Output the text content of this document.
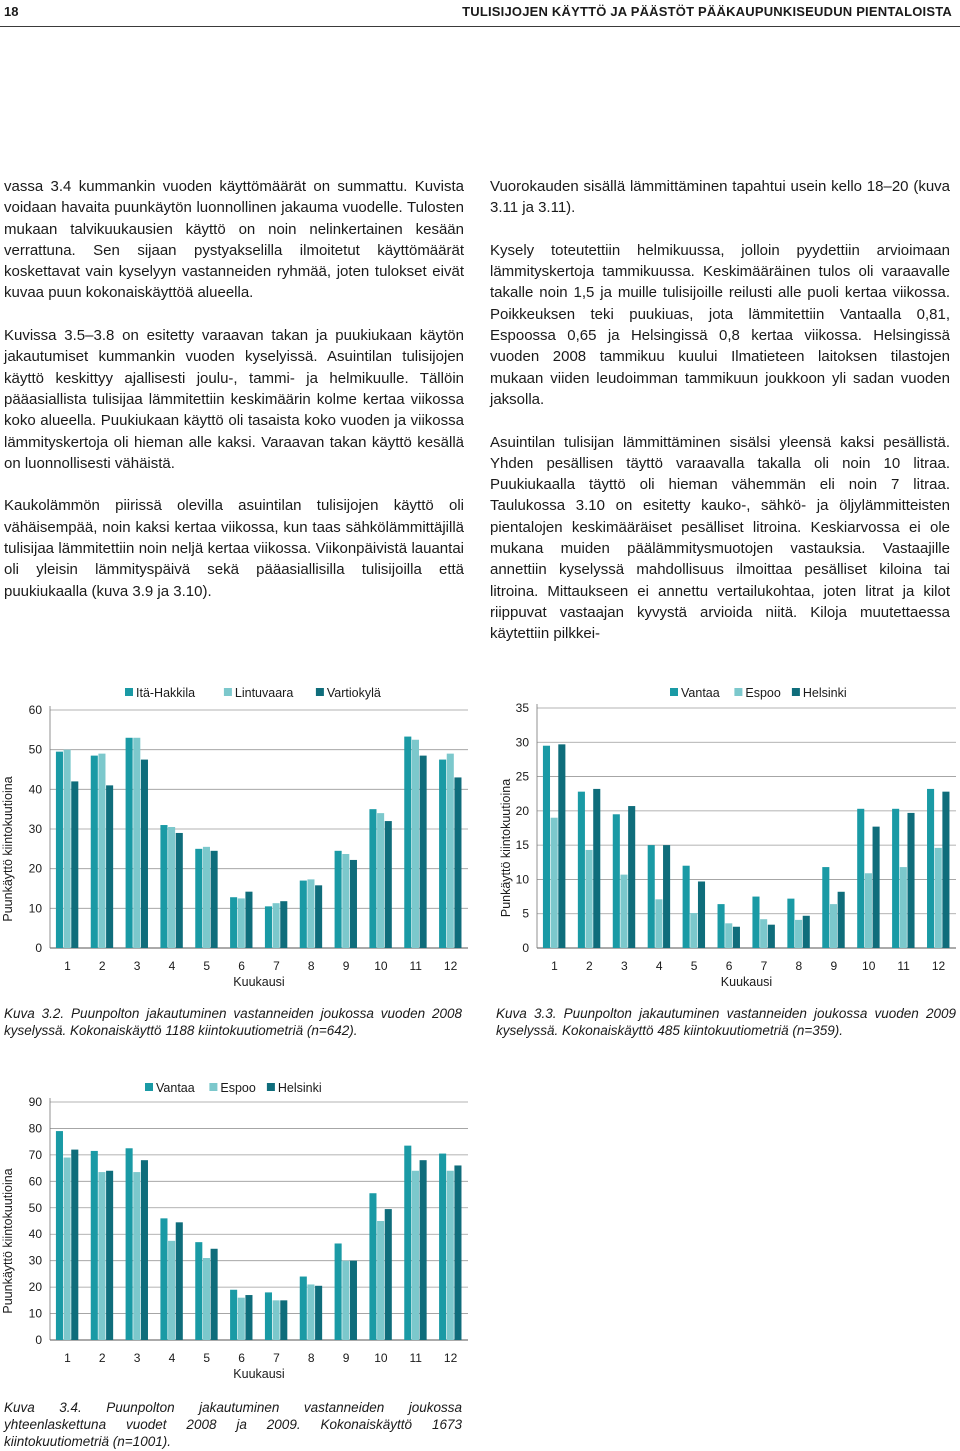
18	TULISIJOJEN KÄYTTÖ JA PÄÄSTÖT PÄÄKAUPUNKISEUDUN PIENTALOISTA

vassa 3.4 kummankin vuoden käyttömäärät on summattu. Kuvista voidaan havaita puunkäytön luonnollinen jakauma vuodelle. Tulosten mukaan talvikuukausien käyttö on noin nelinkertainen kesään verrattuna. Sen sijaan pystyakselilla ilmoitetut käyttömäärät koskettavat vain kyselyyn vastanneiden ryhmää, joten tulokset eivät kuvaa puun kokonaiskäyttöä alueella.

Kuvissa 3.5–3.8 on esitetty varaavan takan ja puukiukaan käytön jakautumiset kummankin vuoden kyselyissä. Asuintilan tulisijojen käyttö keskittyy ajallisesti joulu-, tammi- ja helmikuulle. Tällöin pääasiallista tulisijaa lämmitettiin keskimäärin kolme kertaa viikossa koko alueella. Puukiukaan käyttö oli tasaista koko vuoden ja viikossa lämmityskertoja oli hieman alle kaksi. Varaavan takan käyttö kesällä on luonnollisesti vähäistä.

Kaukolämmön piirissä olevilla asuintilan tulisijojen käyttö oli vähäisempää, noin kaksi kertaa viikossa, kun taas sähkölämmittäjillä tulisijaa lämmitettiin noin neljä kertaa viikossa. Viikonpäivistä lauantai oli yleisin lämmityspäivä sekä pääasiallisilla tulisijoilla että puukiukaalla (kuva 3.9 ja 3.10).

Vuorokauden sisällä lämmittäminen tapahtui usein kello 18–20 (kuva 3.11 ja 3.11).

Kysely toteutettiin helmikuussa, jolloin pyydettiin arvioimaan lämmityskertoja tammikuussa. Keskimääräinen tulos oli varaavalle takalle noin 1,5 ja muille tulisijoille reilusti alle puoli kertaa viikossa. Poikkeuksen teki puukiuas, jota lämmitettiin Vantaalla 0,81, Espoossa 0,65 ja Helsingissä 0,8 kertaa viikossa. Helsingissä vuoden 2008 tammikuu kuului Ilmatieteen laitoksen tilastojen mukaan viiden leudoimman tammikuun joukkoon yli sadan vuoden jaksolla.

Asuintilan tulisijan lämmittäminen sisälsi yleensä kaksi pesällistä. Yhden pesällisen täyttö varaavalla takalla oli noin 10 litraa. Puukiukaalla täyttö oli hieman vähemmän eli noin 7 litraa. Taulukossa 3.10 on esitetty kauko-, sähkö- ja öljylämmitteisten pientalojen keskimääräiset pesälliset litroina. Keskiarvossa ei ole mukana muiden päälämmitysmuotojen vastauksia. Vastaajille annettiin kyselyssä mahdollisuus ilmoittaa pesälliset kiloina tai litroina. Mittaukseen ei annettu vertailukohtaa, joten litrat ja kilot riippuvat vastaajan kyvystä arvioida niitä. Kiloja muutettaessa käytettiin pilkkei-

0
10
20
30
40
50
60
1 2 3 4 5 6 7 8 9 10 11 12
Kuukausi
Puunkäyttö kiintokuutioina
Itä-Hakkila	Lintuvaara	Vartiokylä
Kuva 3.2. Puunpolton jakautuminen vastanneiden joukossa vuoden 2008 kyselyssä. Kokonaiskäyttö 1188 kiintokuutiometriä (n=642).
0
5
10
15
20
25
30
35
1 2 3 4 5 6 7 8 9 10 11 12
Kuukausi
Punkäyttö kiintokuutioina
Vantaa Espoo Helsinki
Kuva 3.3. Puunpolton jakautuminen vastanneiden joukossa vuoden 2009 kyselyssä. Kokonaiskäyttö 485 kiintokuutiometriä (n=359).
0
10
20
30
40
50
60
70
80
90
1 2 3 4 5 6 7 8 9 10 11 12
Kuukausi
Puunkäyttö kiintokuutioina
Vantaa Espoo Helsinki
Kuva 3.4. Puunpolton jakautuminen vastanneiden joukossa yhteenlaskettuna vuodet 2008 ja 2009. Kokonaiskäyttö 1673 kiintokuutiometriä (n=1001).
